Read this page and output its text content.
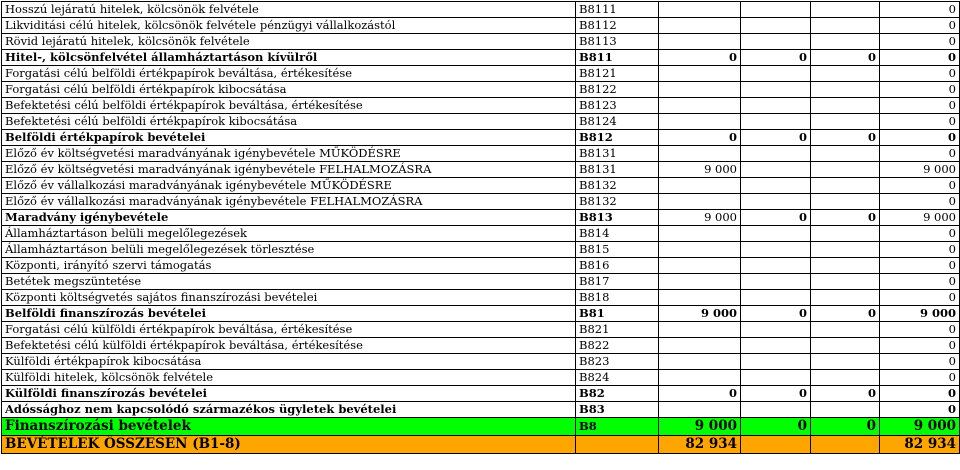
Hosszú lejáratú hitelek, kölcsönök felvétele	B8111				0
Likviditási célú hitelek, kölcsönök felvétele pénzügyi vállalkozástól	B8112				0
Rövid lejáratú hitelek, kölcsönök felvétele	B8113				0
Hitel-, kölcsönfelvétel államháztartáson kívülről	B811	0	0	0	0
Forgatási célú belföldi értékpapírok beváltása, értékesítése	B8121				0
Forgatási célú belföldi értékpapírok kibocsátása	B8122				0
Befektetési célú belföldi értékpapírok beváltása, értékesítése	B8123				0
Befektetési célú belföldi értékpapírok kibocsátása	B8124				0
Belföldi értékpapírok bevételei	B812	0	0	0	0
Előző év költségvetési maradványának igénybevétele MŰKÖDÉSRE	B8131				0
Előző év költségvetési maradványának igénybevétele FELHALMOZÁSRA	B8131	9 000			9 000
Előző év vállalkozási maradványának igénybevétele MŰKÖDÉSRE	B8132				0
Előző év vállalkozási maradványának igénybevétele FELHALMOZÁSRA	B8132				0
Maradvány igénybevétele	B813	9 000	0	0	9 000
Államháztartáson belüli megelőlegezések	B814				0
Államháztartáson belüli megelőlegezések törlesztése	B815				0
Központi, irányító szervi támogatás	B816				0
Betétek megszüntetése	B817				0
Központi költségvetés sajátos finanszírozási bevételei	B818				0
Belföldi finanszírozás bevételei	B81	9 000	0	0	9 000
Forgatási célú külföldi értékpapírok beváltása, értékesítése	B821				0
Befektetési célú külföldi értékpapírok beváltása, értékesítése	B822				0
Külföldi értékpapírok kibocsátása	B823				0
Külföldi hitelek, kölcsönök felvétele	B824				0
Külföldi finanszírozás bevételei	B82	0	0	0	0
Adóssághoz nem kapcsolódó származékos ügyletek bevételei	B83				0
Finanszírozási bevételek	B8	9 000	0	0	9 000
BEVÉTELEK ÖSSZESEN (B1-8)		82 934			82 934
